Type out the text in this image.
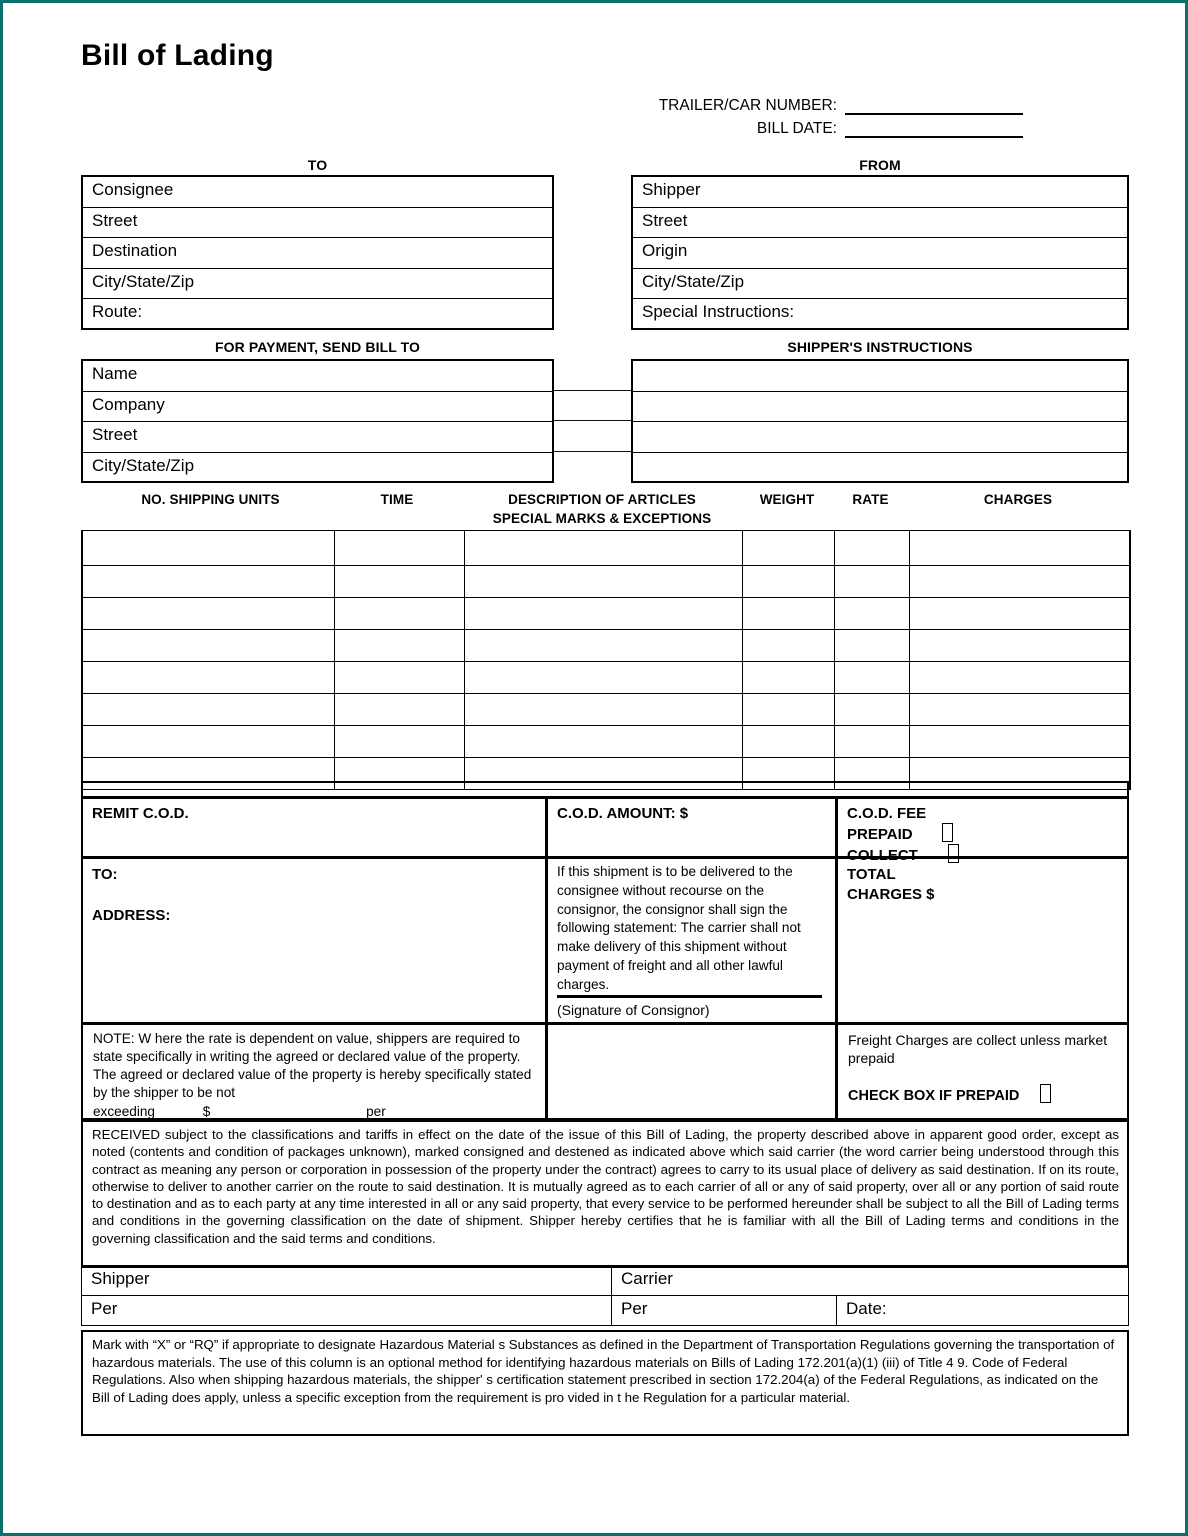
Bill of Lading
TRAILER/CAR NUMBER:
BILL DATE:
TO	FROM
Consignee
Street
Destination
City/State/Zip
Route:
Shipper
Street
Origin
City/State/Zip
Special Instructions:
FOR PAYMENT, SEND BILL TO	SHIPPER'S INSTRUCTIONS
Name
Company
Street
City/State/Zip
NO. SHIPPING UNITS	TIME	DESCRIPTION OF ARTICLES
SPECIAL MARKS & EXCEPTIONS
WEIGHT	RATE	CHARGES

REMIT C.O.D.	C.O.D. AMOUNT: $	C.O.D. FEE
PREPAID
COLLECT
TO:
ADDRESS:
If this shipment is to be delivered to the consignee without recourse on the consignor, the consignor shall sign the following statement: The carrier shall not make delivery of this shipment without payment of freight and all other lawful charges.
(Signature of Consignor)
TOTAL
CHARGES $
NOTE: W here the rate is dependent on value, shippers are required to state specifically in writing the agreed or declared value of the property. The agreed or declared value of the property is hereby specifically stated by the shipper to be not
exceeding	$	per
Freight Charges are collect unless market prepaid
CHECK BOX IF PREPAID
RECEIVED subject to the classifications and tariffs in effect on the date of the issue of this Bill of Lading, the property described above in apparent good order, except as noted (contents and condition of packages unknown), marked consigned and destened as indicated above which said carrier (the word carrier being understood through this contract as meaning any person or corporation in possession of the property under the contract) agrees to carry to its usual place of delivery as said destination. If on its route, otherwise to deliver to another carrier on the route to said destination. It is mutually agreed as to each carrier of all or any of said property, over all or any portion of said route to destination and as to each party at any time interested in all or any said property, that every service to be performed hereunder shall be subject to all the Bill of Lading terms and conditions in the governing classification on the date of shipment. Shipper hereby certifies that he is familiar with all the Bill of Lading terms and conditions in the governing classification and the said terms and conditions.
Shipper	Carrier
Per	Per	Date:
Mark with “X” or “RQ” if appropriate to designate Hazardous Material s Substances as defined in the Department of Transportation Regulations governing the transportation of hazardous materials. The use of this column is an optional method for identifying hazardous materials on Bills of Lading 172.201(a)(1) (iii) of Title 4 9. Code of Federal Regulations. Also when shipping hazardous materials, the shipper' s certification statement prescribed in section 172.204(a) of the Federal Regulations, as indicated on the Bill of Lading does apply, unless a specific exception from the requirement is pro vided in t he Regulation for a particular material.
